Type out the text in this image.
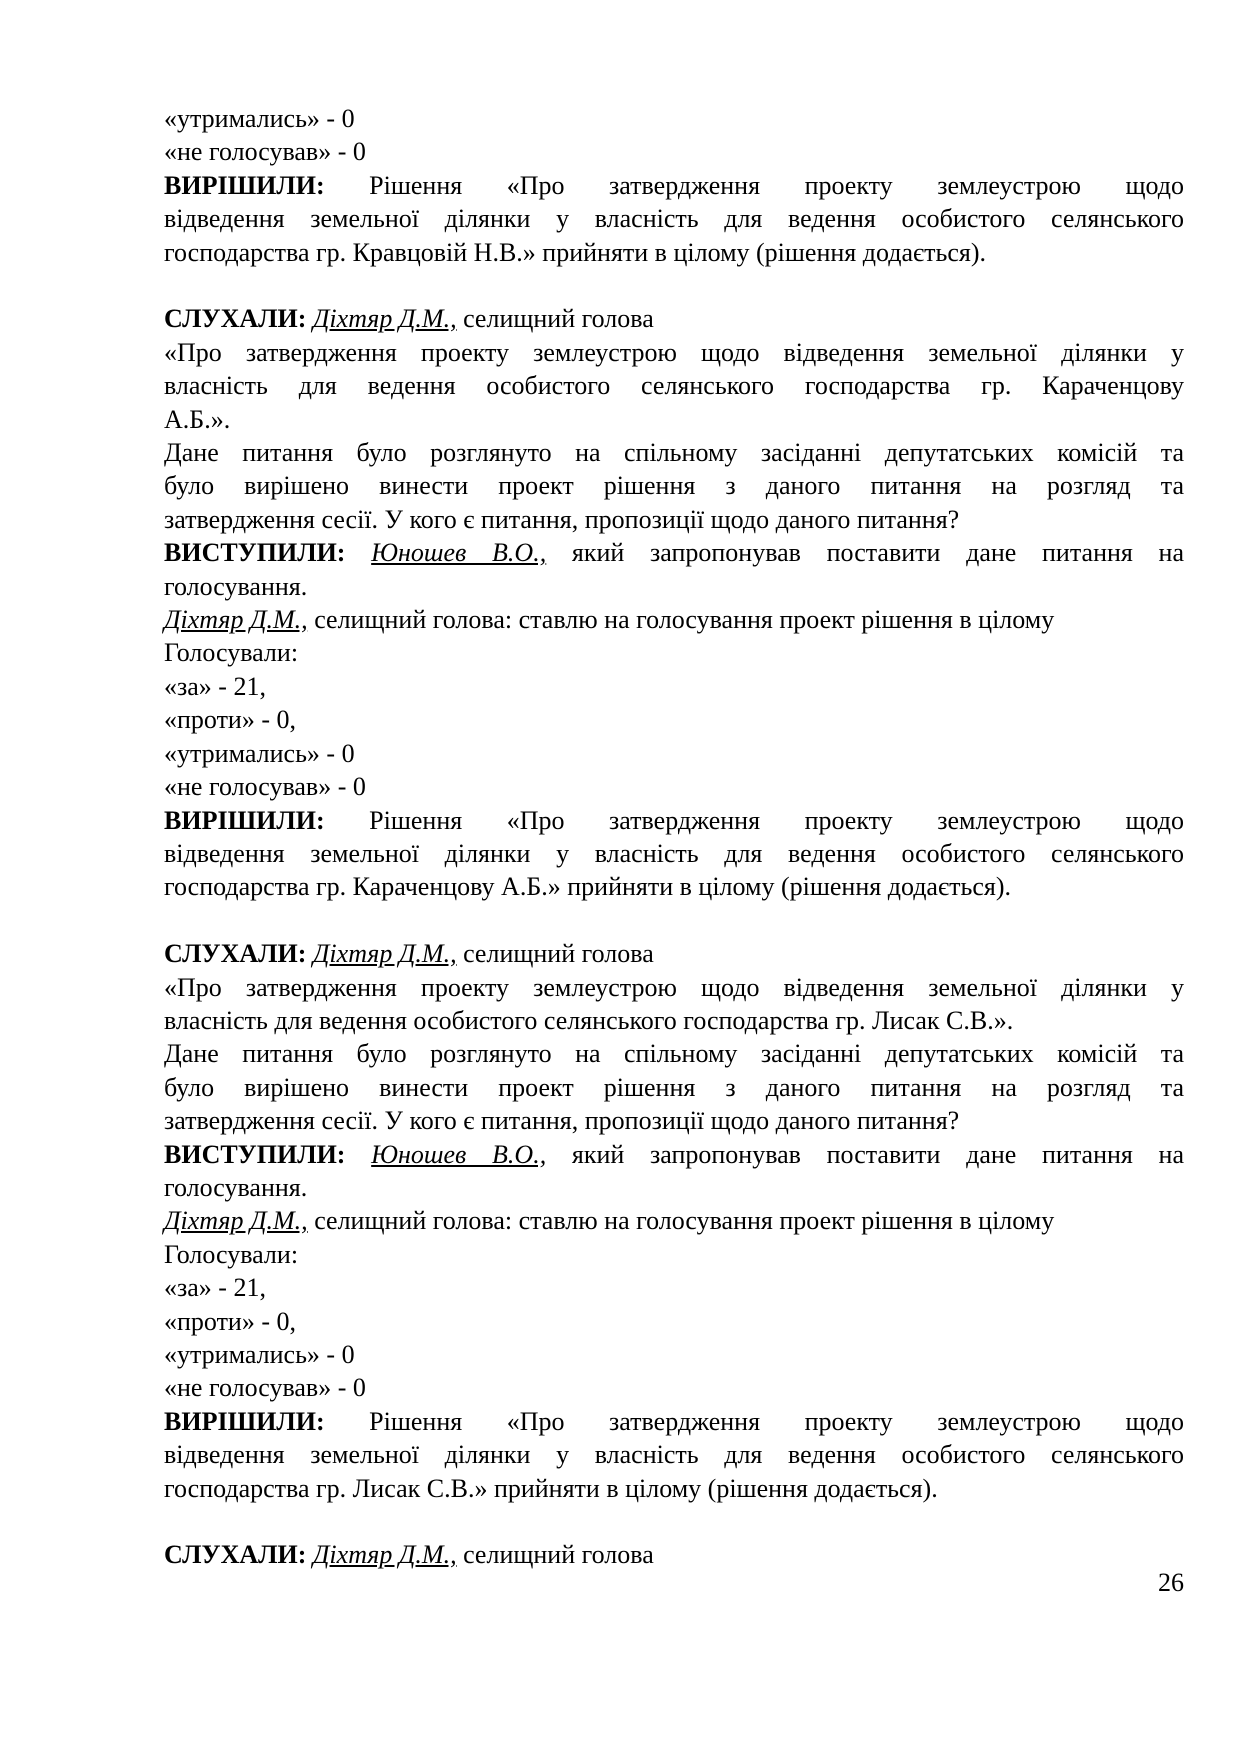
«утримались» - 0
«не голосував» - 0
ВИРІШИЛИ: Рішення «Про затвердження проекту землеустрою щодо
відведення земельної ділянки у власність для ведення особистого селянського
господарства гр. Кравцовій Н.В.» прийняти в цілому (рішення додається).
СЛУХАЛИ: Діхтяр Д.М., селищний голова
«Про затвердження проекту землеустрою щодо відведення земельної ділянки у
власність для ведення особистого селянського господарства гр. Караченцову
А.Б.».
Дане питання було розглянуто на спільному засіданні депутатських комісій та
було вирішено винести проект рішення з даного питання на розгляд та
затвердження сесії. У кого є питання, пропозиції щодо даного питання?
ВИСТУПИЛИ: Юношев В.О., який запропонував поставити дане питання на
голосування.
Діхтяр Д.М., селищний голова: ставлю на голосування проект рішення в цілому
Голосували:
«за» - 21,
«проти» - 0,
«утримались» - 0
«не голосував» - 0
ВИРІШИЛИ: Рішення «Про затвердження проекту землеустрою щодо
відведення земельної ділянки у власність для ведення особистого селянського
господарства гр. Караченцову А.Б.» прийняти в цілому (рішення додається).
СЛУХАЛИ: Діхтяр Д.М., селищний голова
«Про затвердження проекту землеустрою щодо відведення земельної ділянки у
власність для ведення особистого селянського господарства гр. Лисак С.В.».
Дане питання було розглянуто на спільному засіданні депутатських комісій та
було вирішено винести проект рішення з даного питання на розгляд та
затвердження сесії. У кого є питання, пропозиції щодо даного питання?
ВИСТУПИЛИ: Юношев В.О., який запропонував поставити дане питання на
голосування.
Діхтяр Д.М., селищний голова: ставлю на голосування проект рішення в цілому
Голосували:
«за» - 21,
«проти» - 0,
«утримались» - 0
«не голосував» - 0
ВИРІШИЛИ: Рішення «Про затвердження проекту землеустрою щодо
відведення земельної ділянки у власність для ведення особистого селянського
господарства гр. Лисак С.В.» прийняти в цілому (рішення додається).
СЛУХАЛИ: Діхтяр Д.М., селищний голова
26
